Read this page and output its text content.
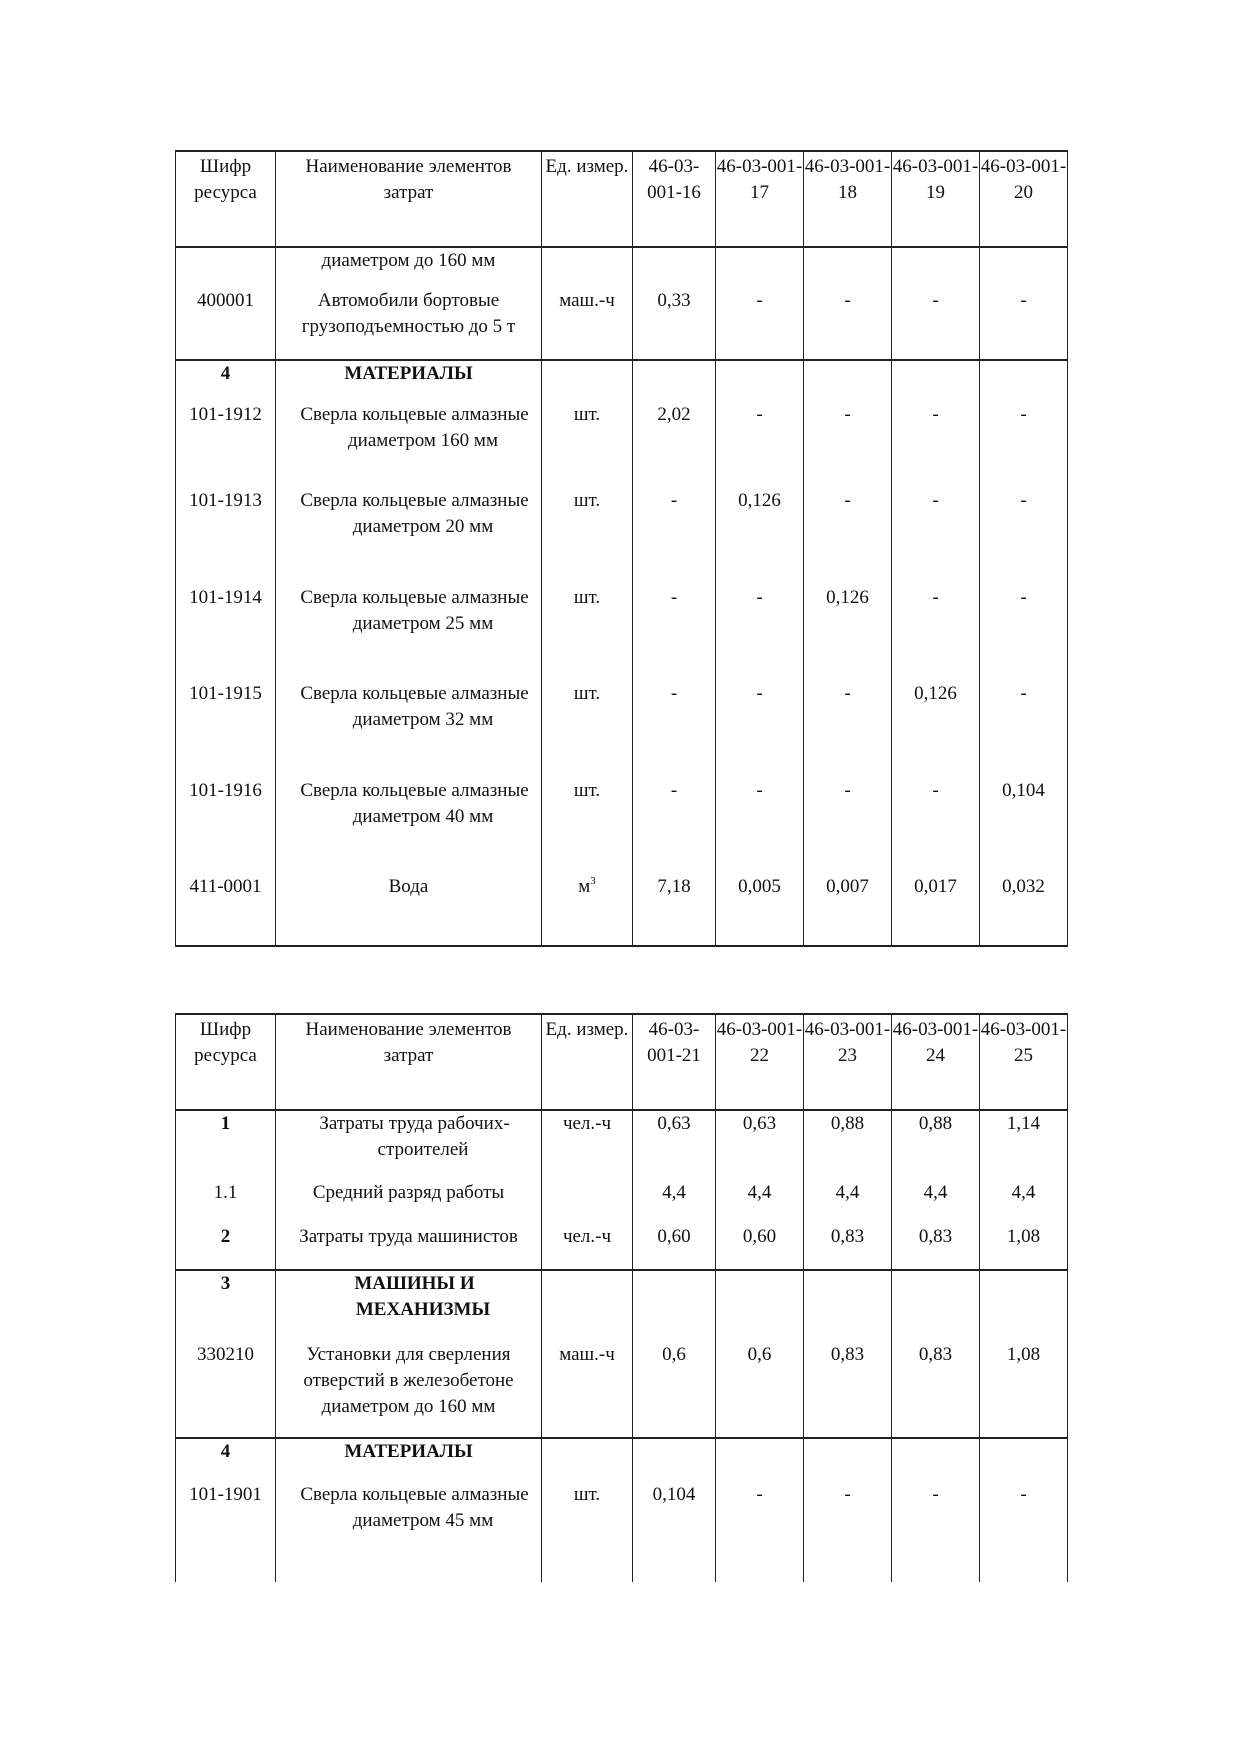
Шифр ресурса	Наименование элементов затрат	Ед. измер.	46-03-001-16	46-03-001-17	46-03-001-18	46-03-001-19	46-03-001-20
	диаметром до 160 мм						
400001	Автомобили бортовые грузоподъемностью до 5 т	маш.-ч	0,33	-	-	-	-
4	МАТЕРИАЛЫ						
101-1912	Сверла кольцевые алмазные диаметром 160 мм	шт.	2,02	-	-	-	-
101-1913	Сверла кольцевые алмазные диаметром 20 мм	шт.	-	0,126	-	-	-
101-1914	Сверла кольцевые алмазные диаметром 25 мм	шт.	-	-	0,126	-	-
101-1915	Сверла кольцевые алмазные диаметром 32 мм	шт.	-	-	-	0,126	-
101-1916	Сверла кольцевые алмазные диаметром 40 мм	шт.	-	-	-	-	0,104
411-0001	Вода	$м^3$	7,18	0,005	0,007	0,017	0,032
Шифр ресурса	Наименование элементов затрат	Ед. измер.	46-03-001-21	46-03-001-22	46-03-001-23	46-03-001-24	46-03-001-25
1	Затраты труда рабочих-строителей	чел.-ч	0,63	0,63	0,88	0,88	1,14
1.1	Средний разряд работы		4,4	4,4	4,4	4,4	4,4
2	Затраты труда машинистов	чел.-ч	0,60	0,60	0,83	0,83	1,08
3	МАШИНЫ И МЕХАНИЗМЫ						
330210	Установки для сверления отверстий в железобетоне диаметром до 160 мм	маш.-ч	0,6	0,6	0,83	0,83	1,08
4	МАТЕРИАЛЫ						
101-1901	Сверла кольцевые алмазные диаметром 45 мм	шт.	0,104	-	-	-	-
